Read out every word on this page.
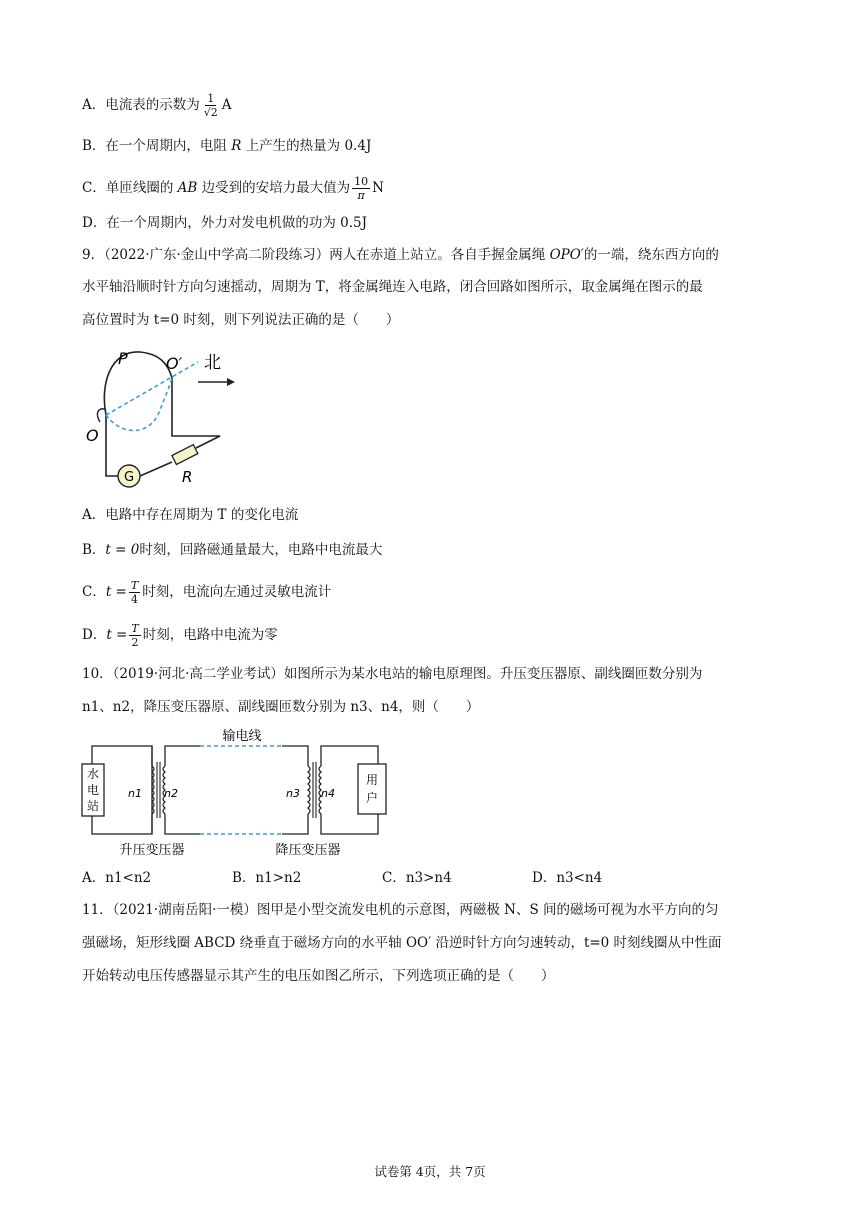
A．电流表的示数为 $\frac{1}{√2}$ A
B．在一个周期内，电阻 R 上产生的热量为 0.4J
C．单匝线圈的 AB 边受到的安培力最大值为 $\frac{10}{\pi}$ N
D．在一个周期内，外力对发电机做的功为 0.5J
9．（2022·广东·金山中学高二阶段练习）两人在赤道上站立。各自手握金属绳 OPO′的一端，绕东西方向的
水平轴沿顺时针方向匀速摇动，周期为 T，将金属绳连入电路，闭合回路如图所示，取金属绳在图示的最
高位置时为 t=0 时刻，则下列说法正确的是（　　）
G	R
P O′
O
北
A．电路中存在周期为 T 的变化电流
B．t = 0时刻，回路磁通量最大，电路中电流最大
C．$t = \frac{T}{4}$ 时刻，电流向左通过灵敏电流计
D．$t = \frac{T}{2}$ 时刻，电路中电流为零
10．（2019·河北·高二学业考试）如图所示为某水电站的输电原理图。升压变压器原、副线圈匝数分别为
n1、n2，降压变压器原、副线圈匝数分别为 n3、n4，则（　　）
水
电
站
n1 n2
输电线
n3 n4
用
户
升压变压器	降压变压器
A．n1<n2	B．n1>n2	C．n3>n4	D．n3<n4
11．（2021·湖南岳阳·一模）图甲是小型交流发电机的示意图，两磁极 N、S 间的磁场可视为水平方向的匀
强磁场，矩形线圈 ABCD 绕垂直于磁场方向的水平轴 OO′ 沿逆时针方向匀速转动，t=0 时刻线圈从中性面
开始转动电压传感器显示其产生的电压如图乙所示，下列选项正确的是（　　）
试卷第 4页，共 7页
